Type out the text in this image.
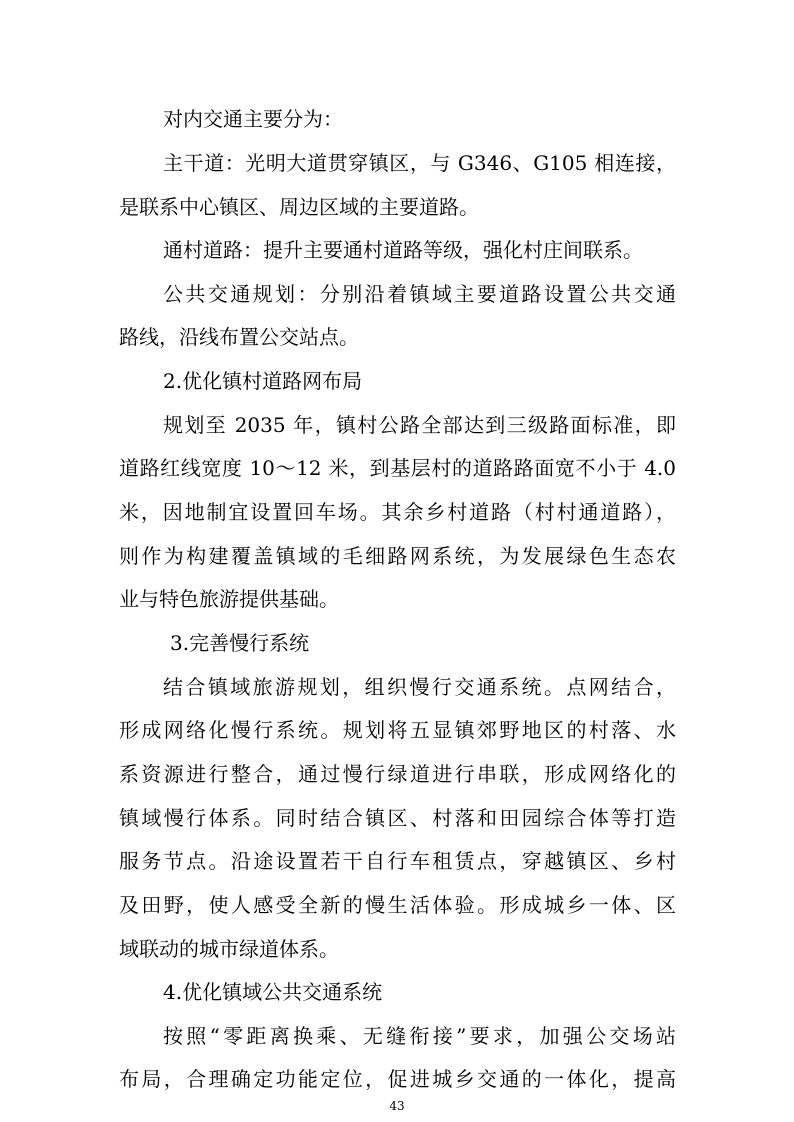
对内交通主要分为：

主干道：光明大道贯穿镇区，与 G346、G105 相连接，

是联系中心镇区、周边区域的主要道路。

通村道路：提升主要通村道路等级，强化村庄间联系。

公共交通规划：分别沿着镇域主要道路设置公共交通

路线，沿线布置公交站点。

2.优化镇村道路网布局

规划至 2035 年，镇村公路全部达到三级路面标准，即

道路红线宽度 10～12 米，到基层村的道路路面宽不小于 4.0

米，因地制宜设置回车场。其余乡村道路（村村通道路），

则作为构建覆盖镇域的毛细路网系统，为发展绿色生态农

业与特色旅游提供基础。

3.完善慢行系统

结合镇域旅游规划，组织慢行交通系统。点网结合，

形成网络化慢行系统。规划将五显镇郊野地区的村落、水

系资源进行整合，通过慢行绿道进行串联，形成网络化的

镇域慢行体系。同时结合镇区、村落和田园综合体等打造

服务节点。沿途设置若干自行车租赁点，穿越镇区、乡村

及田野，使人感受全新的慢生活体验。形成城乡一体、区

域联动的城市绿道体系。

4.优化镇域公共交通系统

按照“零距离换乘、无缝衔接”要求，加强公交场站

布局，合理确定功能定位，促进城乡交通的一体化，提高

43
